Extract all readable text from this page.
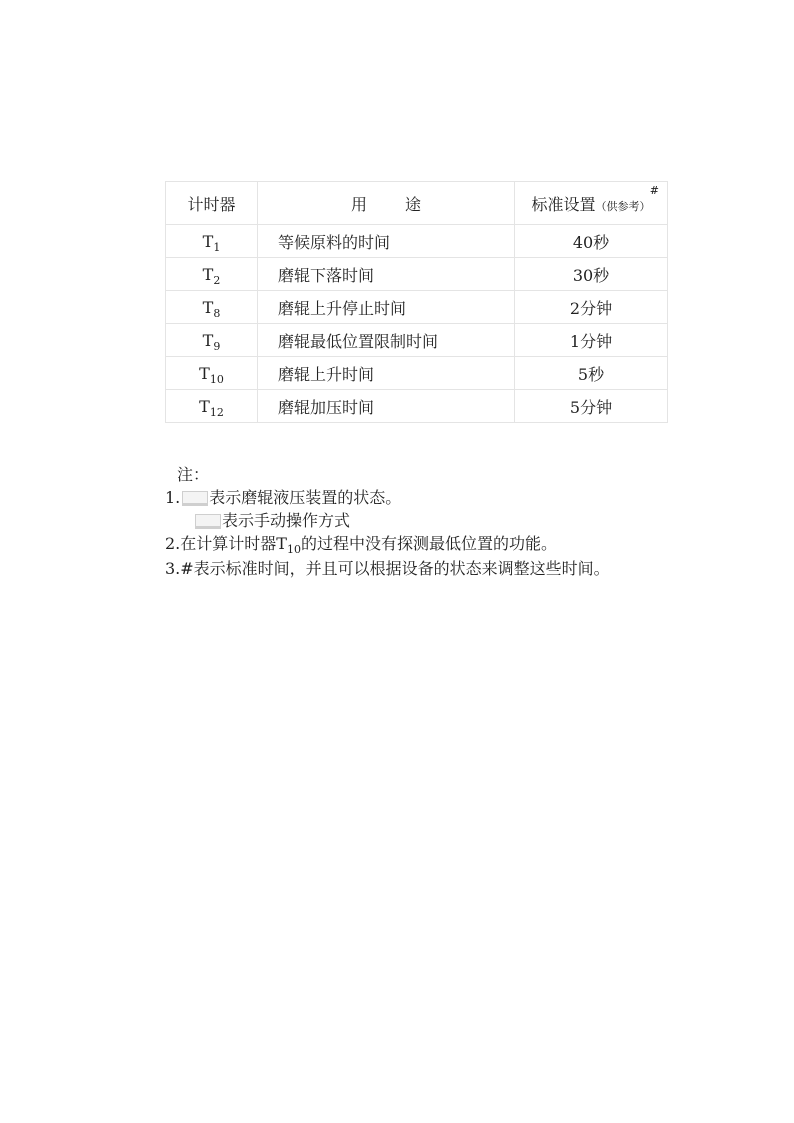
计时器	用 途	标准设置（供参考）
#

$T_1$	等候原料的时间	40秒
$T_2$	磨辊下落时间	30秒
$T_8$	磨辊上升停止时间	2分钟
$T_9$	磨辊最低位置限制时间	1分钟
$T_{10}$	磨辊上升时间	5秒
$T_{12}$	磨辊加压时间	5分钟
注：
1. 表示磨辊液压装置的状态。
表示手动操作方式
2.在计算计时器$T_{10}$的过程中没有探测最低位置的功能。
3.#表示标准时间，并且可以根据设备的状态来调整这些时间。
